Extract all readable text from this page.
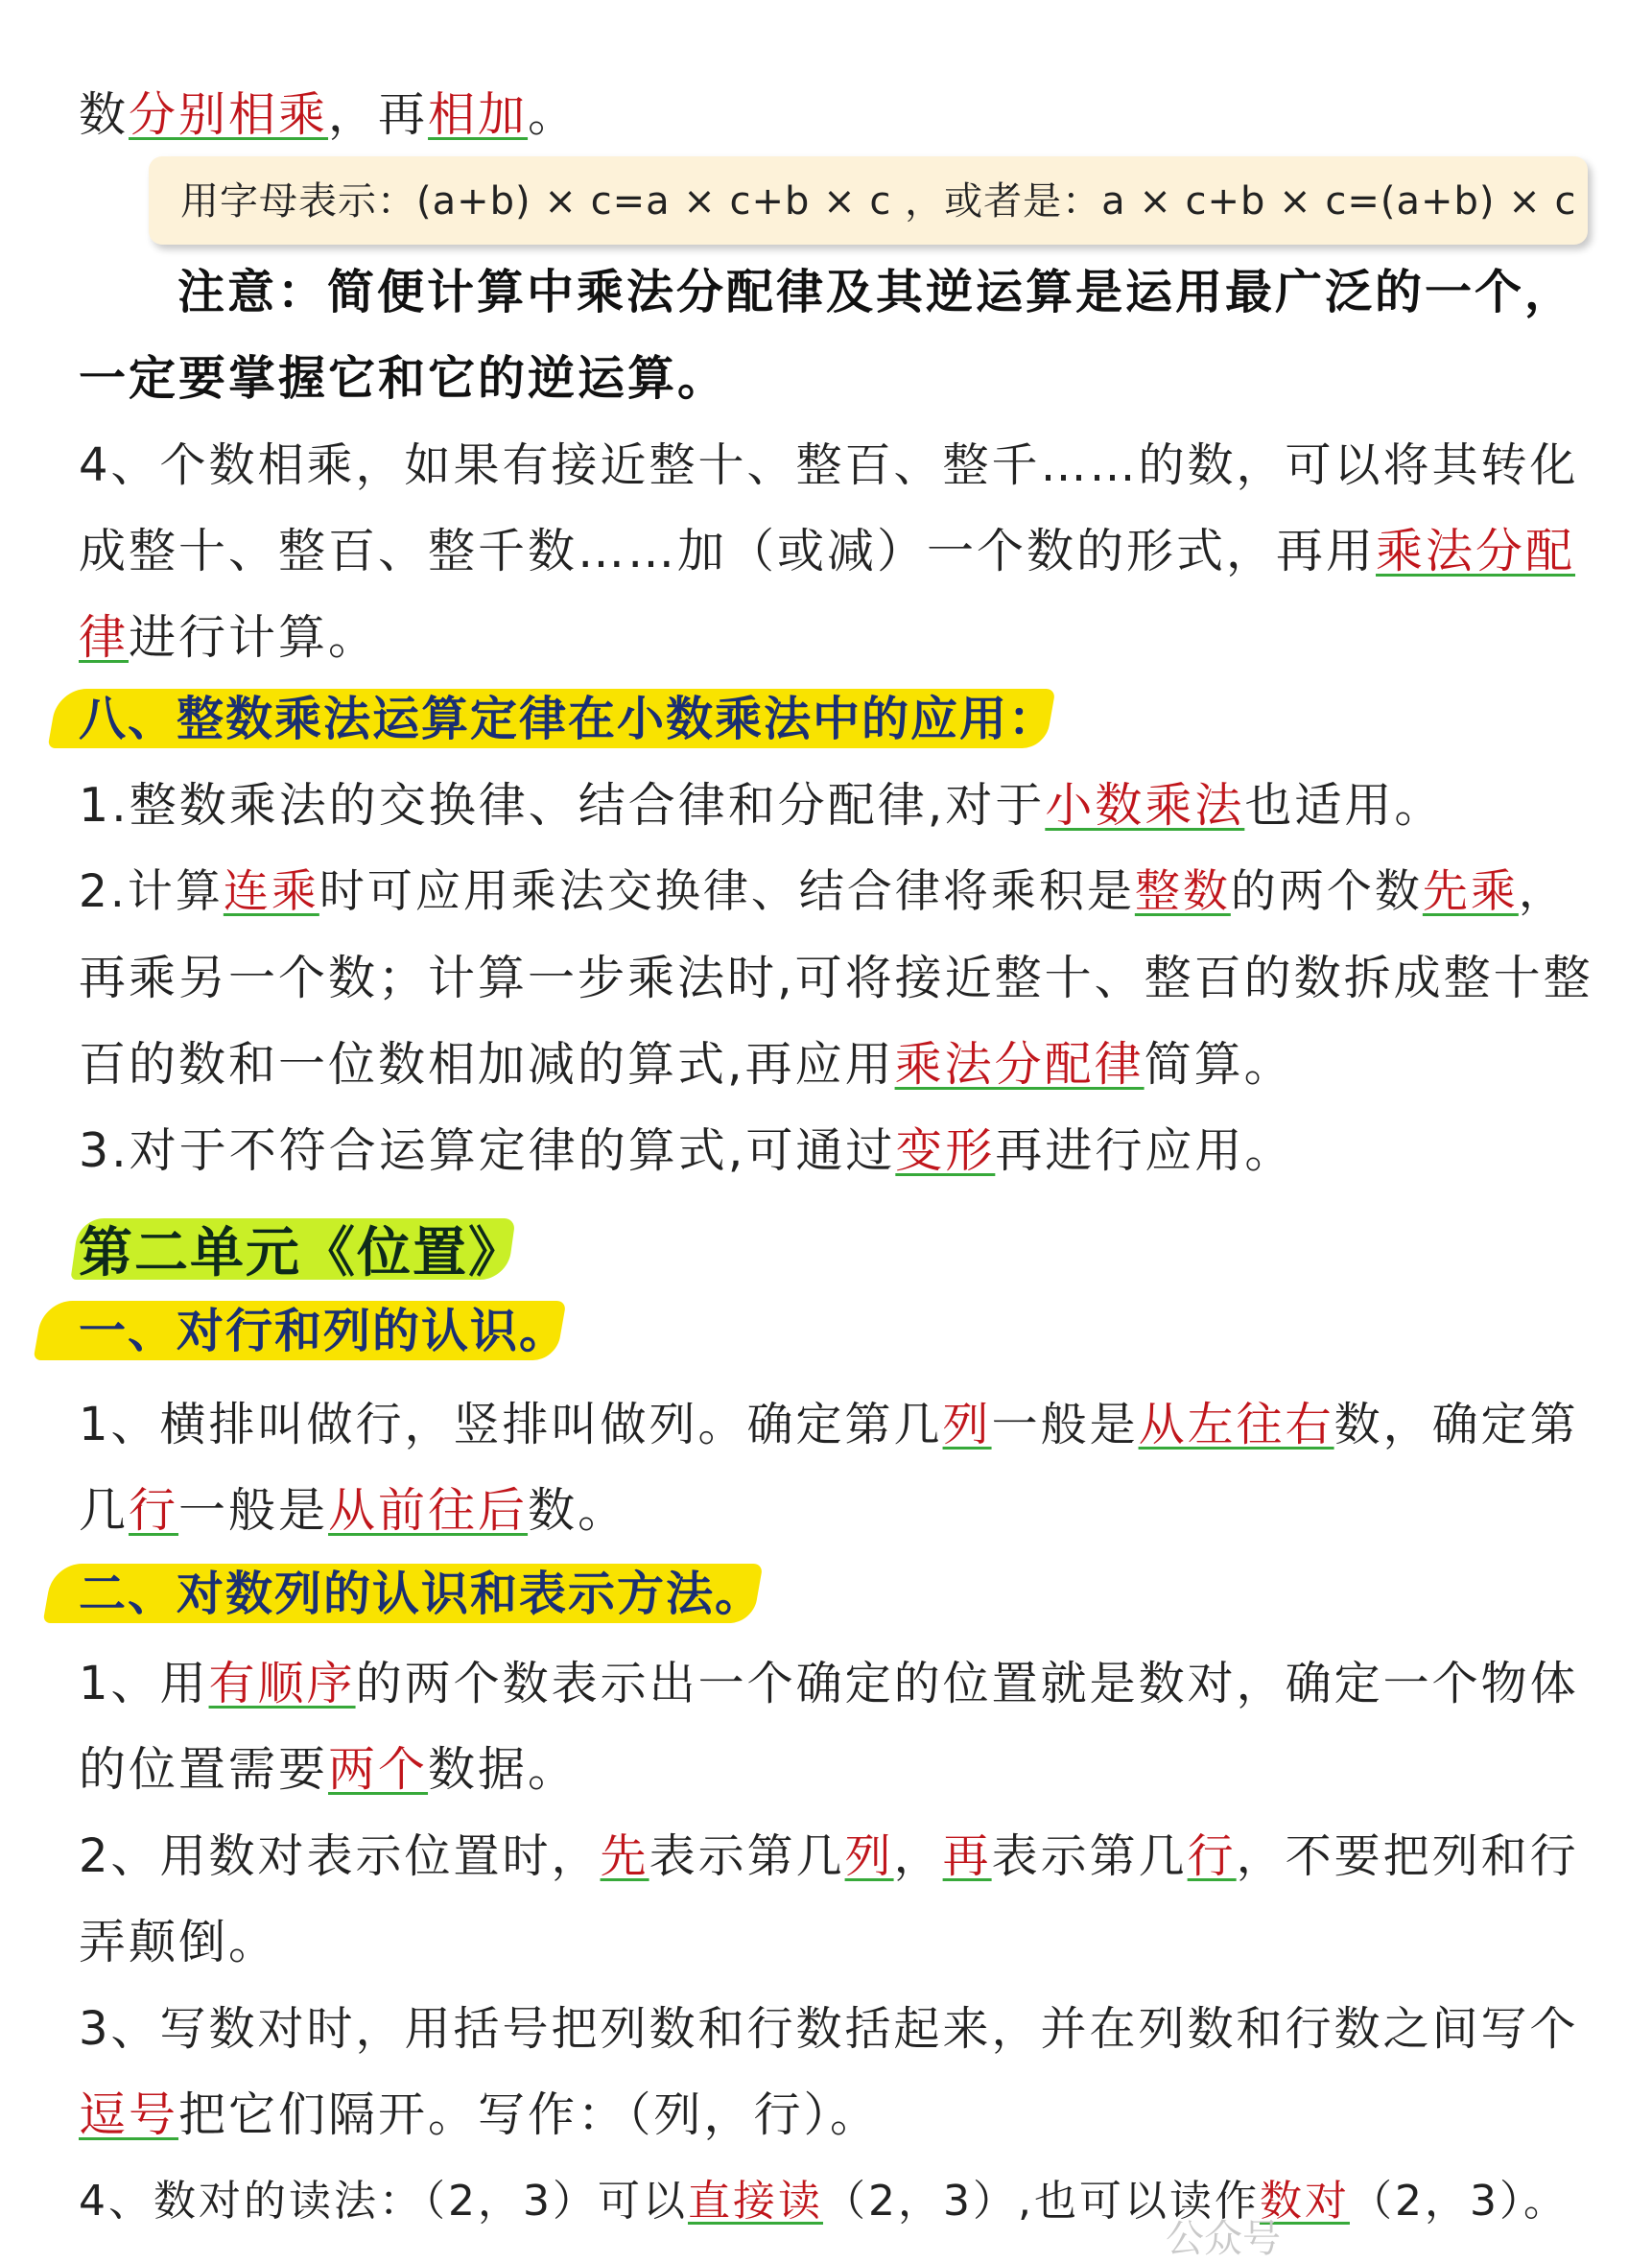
数分别相乘，再相加。
用字母表示：(a+b) × c=a × c+b × c ，或者是：a × c+b × c=(a+b) × c
注意：简便计算中乘法分配律及其逆运算是运用最广泛的一个，
一定要掌握它和它的逆运算。
4、个数相乘，如果有接近整十、整百、整千……的数，可以将其转化
成整十、整百、整千数……加（或减）一个数的形式，再用乘法分配
律进行计算。
八、整数乘法运算定律在小数乘法中的应用：
1.整数乘法的交换律、结合律和分配律,对于小数乘法也适用。
2.计算连乘时可应用乘法交换律、结合律将乘积是整数的两个数先乘，
再乘另一个数；计算一步乘法时,可将接近整十、整百的数拆成整十整
百的数和一位数相加减的算式,再应用乘法分配律简算。
3.对于不符合运算定律的算式,可通过变形再进行应用。
第二单元《位置》
一、对行和列的认识。
1、横排叫做行，竖排叫做列。确定第几列一般是从左往右数，确定第
几行一般是从前往后数。
二、对数列的认识和表示方法。
1、用有顺序的两个数表示出一个确定的位置就是数对，确定一个物体
的位置需要两个数据。
2、用数对表示位置时，先表示第几列，再表示第几行，不要把列和行
弄颠倒。
3、写数对时，用括号把列数和行数括起来，并在列数和行数之间写个
逗号把它们隔开。写作：（列，行）。
4、数对的读法：（2，3）可以直接读（2，3）,也可以读作数对（2，3）。
公众号
